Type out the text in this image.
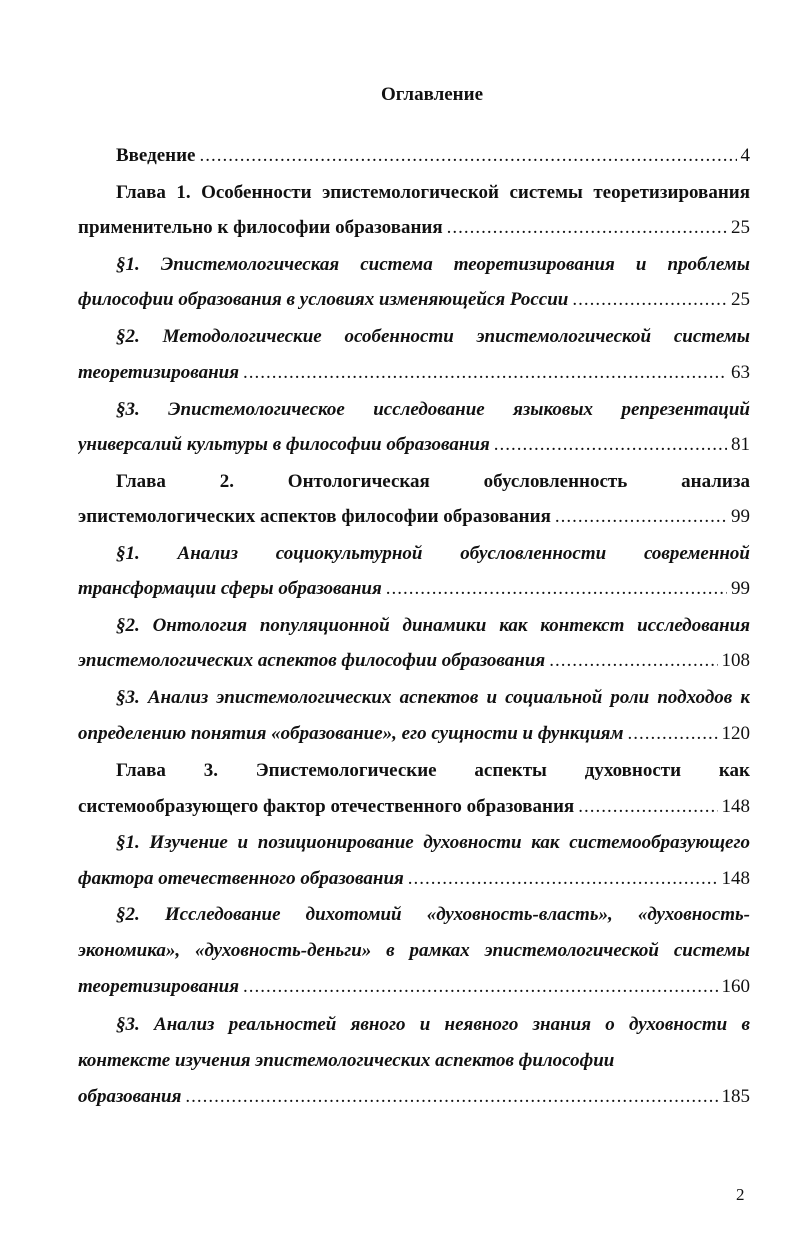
Оглавление
Введение .....	4
Глава 1. Особенности эпистемологической системы теоретизирования
применительно к философии образования .....	25
§1. Эпистемологическая система теоретизирования и проблемы
философии образования в условиях изменяющейся России .....	25
§2. Методологические особенности эпистемологической системы
теоретизирования .....	63
§3. Эпистемологическое исследование языковых репрезентаций
универсалий культуры в философии образования .....	81
Глава 2. Онтологическая обусловленность анализа
эпистемологических аспектов философии образования .....	99
§1. Анализ социокультурной обусловленности современной
трансформации сферы образования .....	99
§2. Онтология популяционной динамики как контекст исследования
эпистемологических аспектов философии образования .....	108
§3. Анализ эпистемологических аспектов и социальной роли подходов к
определению понятия «образование», его сущности и функциям .....	120
Глава 3. Эпистемологические аспекты духовности как
системообразующего фактор отечественного образования .....	148
§1. Изучение и позиционирование духовности как системообразующего
фактора отечественного образования .....	148
§2. Исследование дихотомий «духовность-власть», «духовность-
экономика», «духовность-деньги» в рамках эпистемологической системы
теоретизирования .....	160
§3. Анализ реальностей явного и неявного знания о духовности в
контексте изучения эпистемологических аспектов философии
образования .....	185
2
